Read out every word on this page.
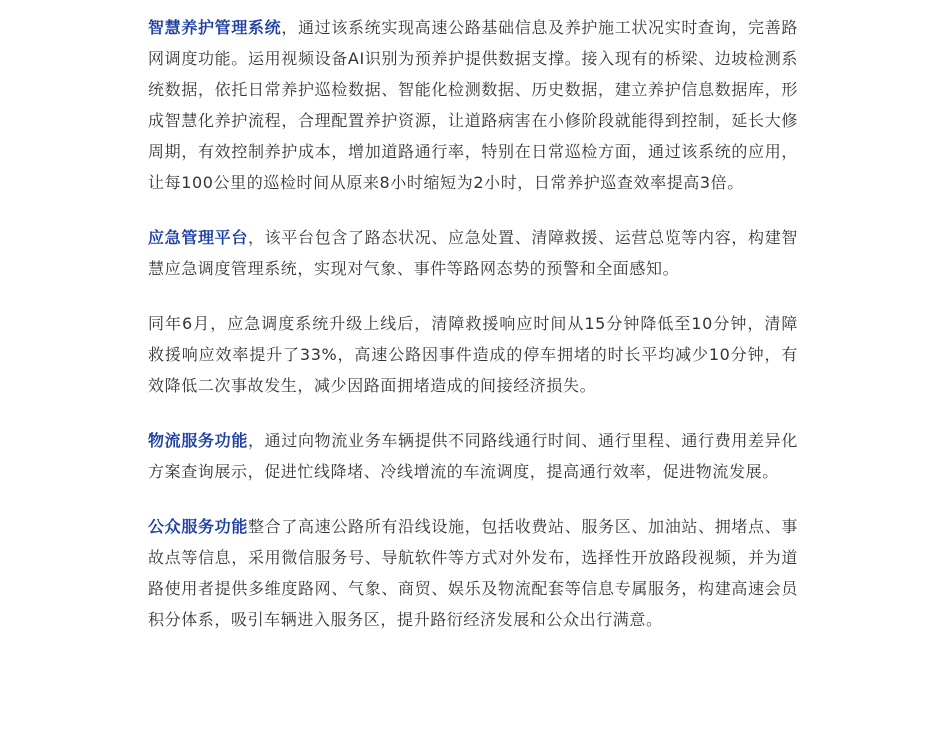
智慧养护管理系统，通过该系统实现高速公路基础信息及养护施工状况实时查询，完善路网调度功能。运用视频设备AI识别为预养护提供数据支撑。接入现有的桥梁、边坡检测系统数据，依托日常养护巡检数据、智能化检测数据、历史数据，建立养护信息数据库，形成智慧化养护流程，合理配置养护资源，让道路病害在小修阶段就能得到控制，延长大修周期，有效控制养护成本，增加道路通行率，特别在日常巡检方面，通过该系统的应用，让每100公里的巡检时间从原来8小时缩短为2小时，日常养护巡查效率提高3倍。

应急管理平台，该平台包含了路态状况、应急处置、清障救援、运营总览等内容，构建智慧应急调度管理系统，实现对气象、事件等路网态势的预警和全面感知。

同年6月，应急调度系统升级上线后，清障救援响应时间从15分钟降低至10分钟，清障救援响应效率提升了33%，高速公路因事件造成的停车拥堵的时长平均减少10分钟，有效降低二次事故发生，减少因路面拥堵造成的间接经济损失。

物流服务功能，通过向物流业务车辆提供不同路线通行时间、通行里程、通行费用差异化方案查询展示，促进忙线降堵、冷线增流的车流调度，提高通行效率，促进物流发展。

公众服务功能整合了高速公路所有沿线设施，包括收费站、服务区、加油站、拥堵点、事故点等信息，采用微信服务号、导航软件等方式对外发布，选择性开放路段视频，并为道路使用者提供多维度路网、气象、商贸、娱乐及物流配套等信息专属服务，构建高速会员积分体系，吸引车辆进入服务区，提升路衍经济发展和公众出行满意。
